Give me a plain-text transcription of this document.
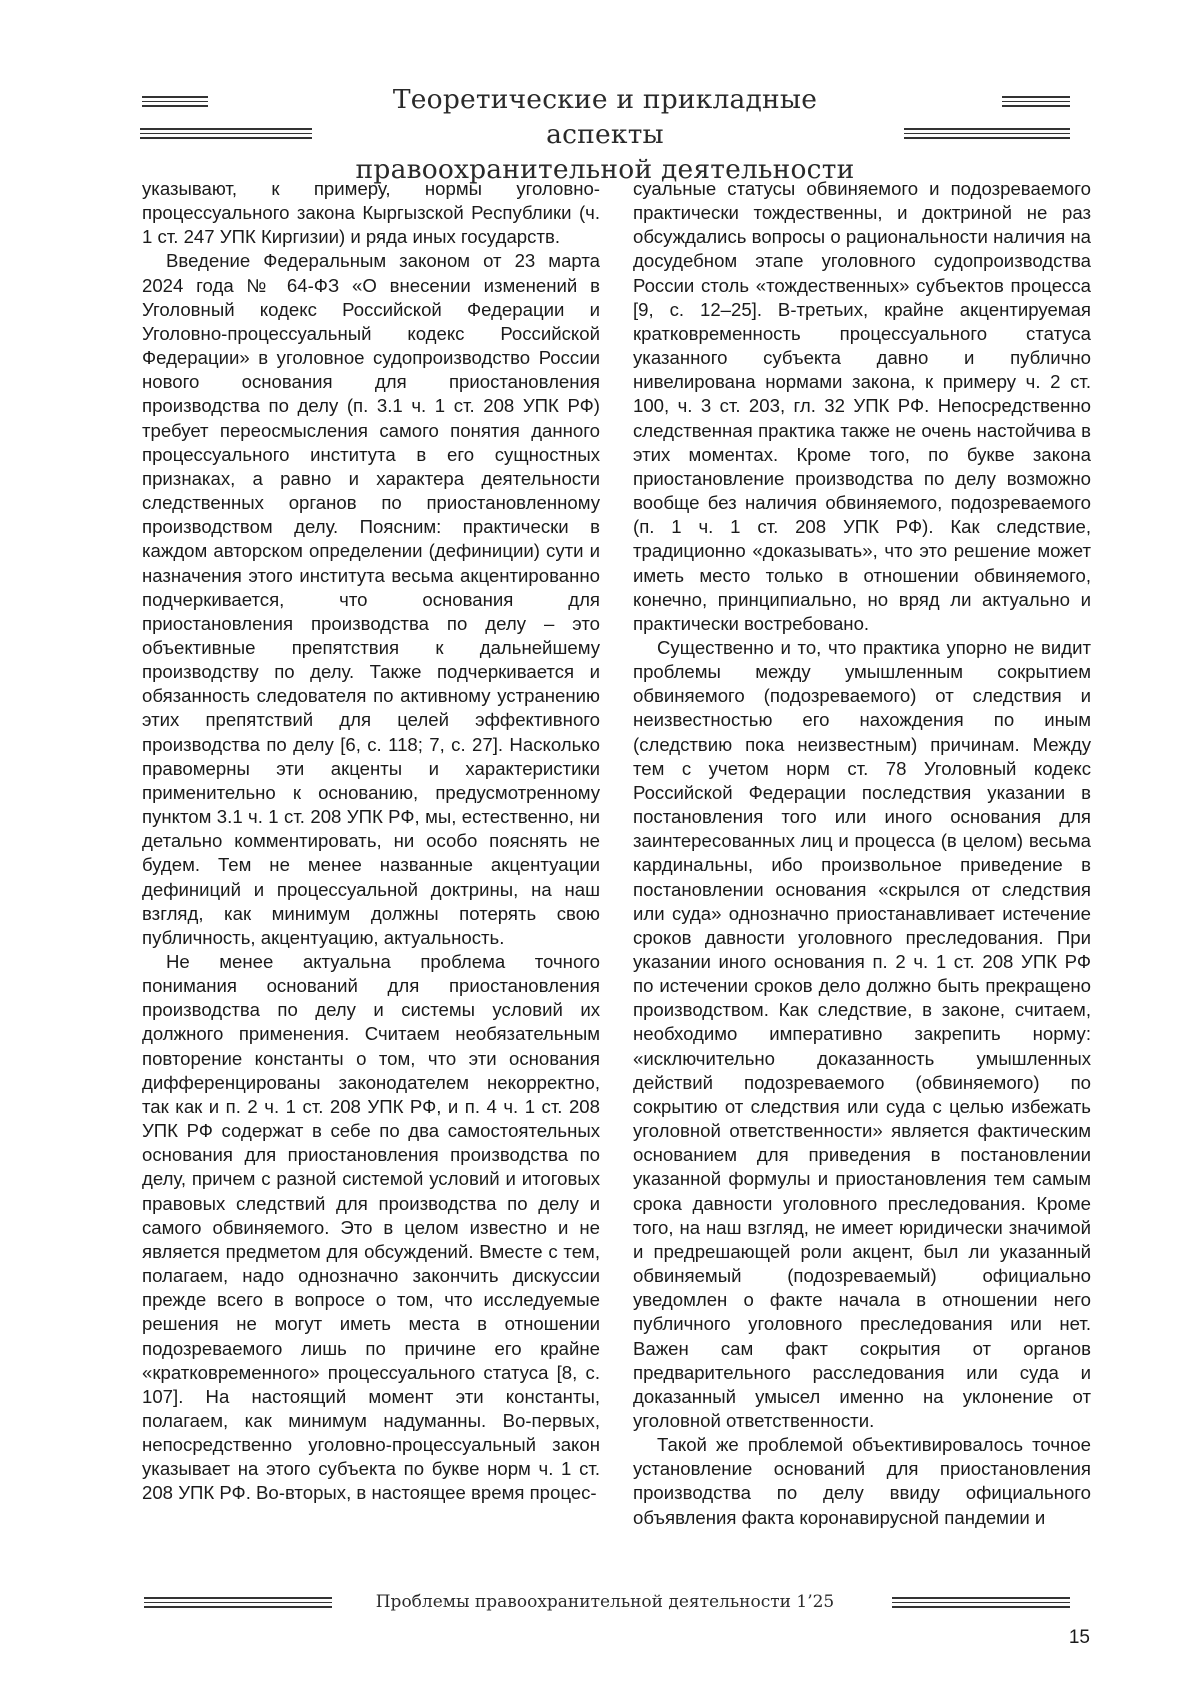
Теоретические и прикладные аспекты
правоохранительной деятельности

указывают, к примеру, нормы уголовно-процессуального закона Кыргызской Республики (ч. 1 ст. 247 УПК Киргизии) и ряда иных государств.

Введение Федеральным законом от 23 марта 2024 года № 64-ФЗ «О внесении изменений в Уголовный кодекс Российской Федерации и Уголовно-процессуальный кодекс Российской Федерации» в уголовное судопроизводство России нового основания для приостановления производства по делу (п. 3.1 ч. 1 ст. 208 УПК РФ) требует переосмысления самого понятия данного процессуального института в его сущностных признаках, а равно и характера деятельности следственных органов по приостановленному производством делу. Поясним: практически в каждом авторском определении (дефиниции) сути и назначения этого института весьма акцентированно подчеркивается, что основания для приостановления производства по делу – это объективные препятствия к дальнейшему производству по делу. Также подчеркивается и обязанность следователя по активному устранению этих препятствий для целей эффективного производства по делу [6, с. 118; 7, с. 27]. Насколько правомерны эти акценты и характеристики применительно к основанию, предусмотренному пунктом 3.1 ч. 1 ст. 208 УПК РФ, мы, естественно, ни детально комментировать, ни особо пояснять не будем. Тем не менее названные акцентуации дефиниций и процессуальной доктрины, на наш взгляд, как минимум должны потерять свою публичность, акцентуацию, актуальность.

Не менее актуальна проблема точного понимания оснований для приостановления производства по делу и системы условий их должного применения. Считаем необязательным повторение константы о том, что эти основания дифференцированы законодателем некорректно, так как и п. 2 ч. 1 ст. 208 УПК РФ, и п. 4 ч. 1 ст. 208 УПК РФ содержат в себе по два самостоятельных основания для приостановления производства по делу, причем с разной системой условий и итоговых правовых следствий для производства по делу и самого обвиняемого. Это в целом известно и не является предметом для обсуждений. Вместе с тем, полагаем, надо однозначно закончить дискуссии прежде всего в вопросе о том, что исследуемые решения не могут иметь места в отношении подозреваемого лишь по причине его крайне «кратковременного» процессуального статуса [8, с. 107]. На настоящий момент эти константы, полагаем, как минимум надуманны. Во-первых, непосредственно уголовно-процессуальный закон указывает на этого субъекта по букве норм ч. 1 ст. 208 УПК РФ. Во-вторых, в настоящее время процес-

суальные статусы обвиняемого и подозреваемого практически тождественны, и доктриной не раз обсуждались вопросы о рациональности наличия на досудебном этапе уголовного судопроизводства России столь «тождественных» субъектов процесса [9, с. 12–25]. В-третьих, крайне акцентируемая кратковременность процессуального статуса указанного субъекта давно и публично нивелирована нормами закона, к примеру ч. 2 ст. 100, ч. 3 ст. 203, гл. 32 УПК РФ. Непосредственно следственная практика также не очень настойчива в этих моментах. Кроме того, по букве закона приостановление производства по делу возможно вообще без наличия обвиняемого, подозреваемого (п. 1 ч. 1 ст. 208 УПК РФ). Как следствие, традиционно «доказывать», что это решение может иметь место только в отношении обвиняемого, конечно, принципиально, но вряд ли актуально и практически востребовано.

Существенно и то, что практика упорно не видит проблемы между умышленным сокрытием обвиняемого (подозреваемого) от следствия и неизвестностью его нахождения по иным (следствию пока неизвестным) причинам. Между тем с учетом норм ст. 78 Уголовный кодекс Российской Федерации последствия указании в постановления того или иного основания для заинтересованных лиц и процесса (в целом) весьма кардинальны, ибо произвольное приведение в постановлении основания «скрылся от следствия или суда» однозначно приостанавливает истечение сроков давности уголовного преследования. При указании иного основания п. 2 ч. 1 ст. 208 УПК РФ по истечении сроков дело должно быть прекращено производством. Как следствие, в законе, считаем, необходимо императивно закрепить норму: «исключительно доказанность умышленных действий подозреваемого (обвиняемого) по сокрытию от следствия или суда с целью избежать уголовной ответственности» является фактическим основанием для приведения в постановлении указанной формулы и приостановления тем самым срока давности уголовного преследования. Кроме того, на наш взгляд, не имеет юридически значимой и предрешающей роли акцент, был ли указанный обвиняемый (подозреваемый) официально уведомлен о факте начала в отношении него публичного уголовного преследования или нет. Важен сам факт сокрытия от органов предварительного расследования или суда и доказанный умысел именно на уклонение от уголовной ответственности.

Такой же проблемой объективировалось точное установление оснований для приостановления производства по делу ввиду официального объявления факта коронавирусной пандемии и

Проблемы правоохранительной деятельности 1’25
15
